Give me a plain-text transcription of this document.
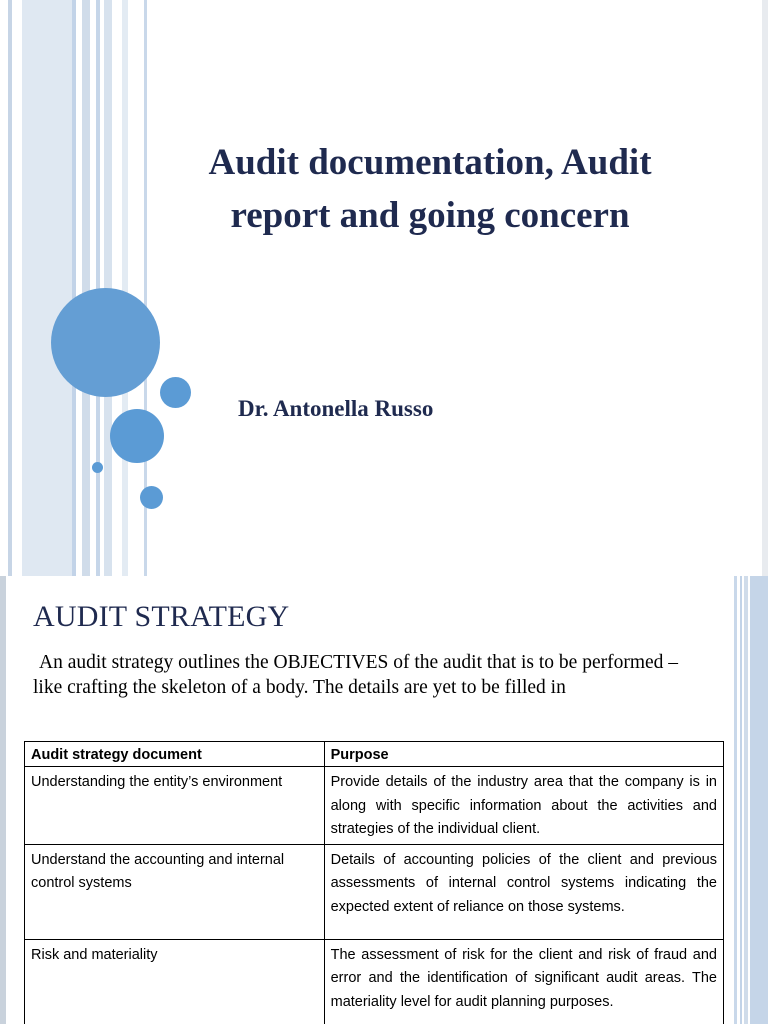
Audit documentation, Audit report and going concern
Dr. Antonella Russo
AUDIT STRATEGY
An audit strategy outlines the OBJECTIVES of the audit that is to be performed – like crafting the skeleton of a body. The details are yet to be filled in
Audit strategy document	Purpose
Understanding the entity’s environment	Provide details of the industry area that the company is in along with specific information about the activities and strategies of the individual client.
Understand the accounting and internal control systems	Details of accounting policies of the client and previous assessments of internal control systems indicating the expected extent of reliance on those systems.
Risk and materiality	The assessment of risk for the client and risk of fraud and error and the identification of significant audit areas. The materiality level for audit planning purposes.
